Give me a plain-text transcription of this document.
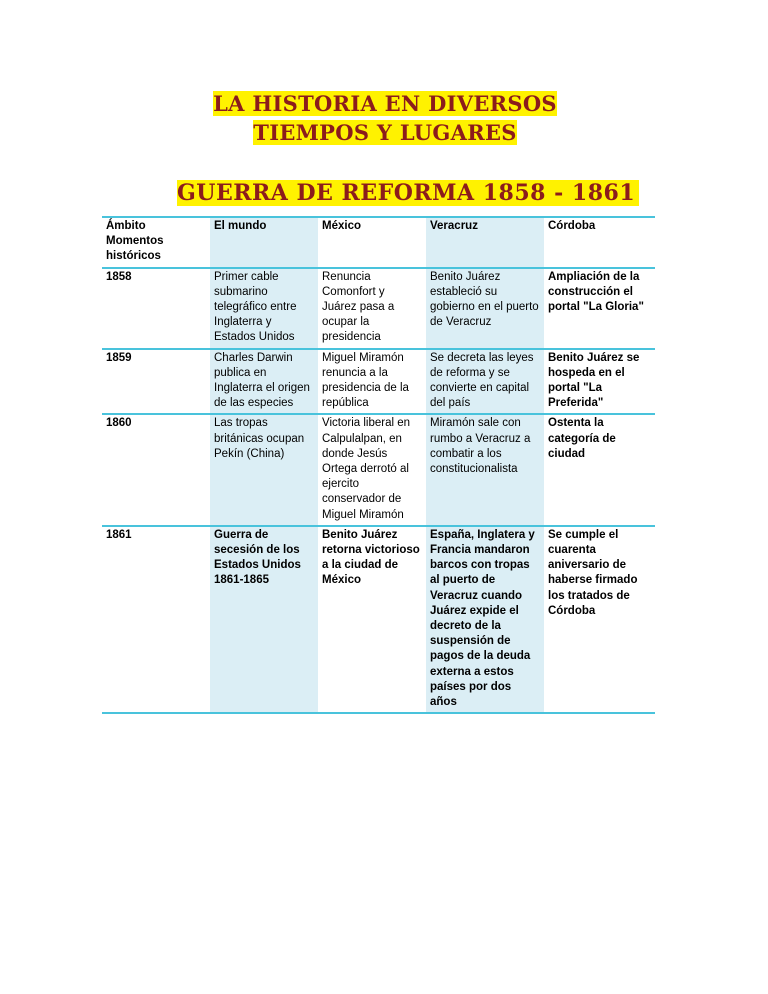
LA HISTORIA EN DIVERSOS TIEMPOS Y LUGARES
GUERRA DE REFORMA 1858 - 1861
Ámbito Momentos históricos	El mundo	México	Veracruz	Córdoba
1858	Primer cable submarino telegráfico entre Inglaterra y Estados Unidos	Renuncia Comonfort y Juárez pasa a ocupar la presidencia	Benito Juárez estableció su gobierno en el puerto de Veracruz	Ampliación de la construcción el portal "La Gloria"
1859	Charles Darwin publica en Inglaterra el origen de las especies	Miguel Miramón renuncia a la presidencia de la república	Se decreta las leyes de reforma y se convierte en capital del país	Benito Juárez se hospeda en el portal "La Preferida"
1860	Las tropas británicas ocupan Pekín (China)	Victoria liberal en Calpulalpan, en donde Jesús Ortega derrotó al ejercito conservador de Miguel Miramón	Miramón sale con rumbo a Veracruz a combatir a los constitucionalista	Ostenta la categoría de ciudad
1861	Guerra de secesión de los Estados Unidos 1861-1865	Benito Juárez retorna victorioso a la ciudad de México	España, Inglatera y Francia mandaron barcos con tropas al puerto de Veracruz cuando Juárez expide el decreto de la suspensión de pagos de la deuda externa a estos países por dos años	Se cumple el cuarenta aniversario de haberse firmado los tratados de Córdoba
